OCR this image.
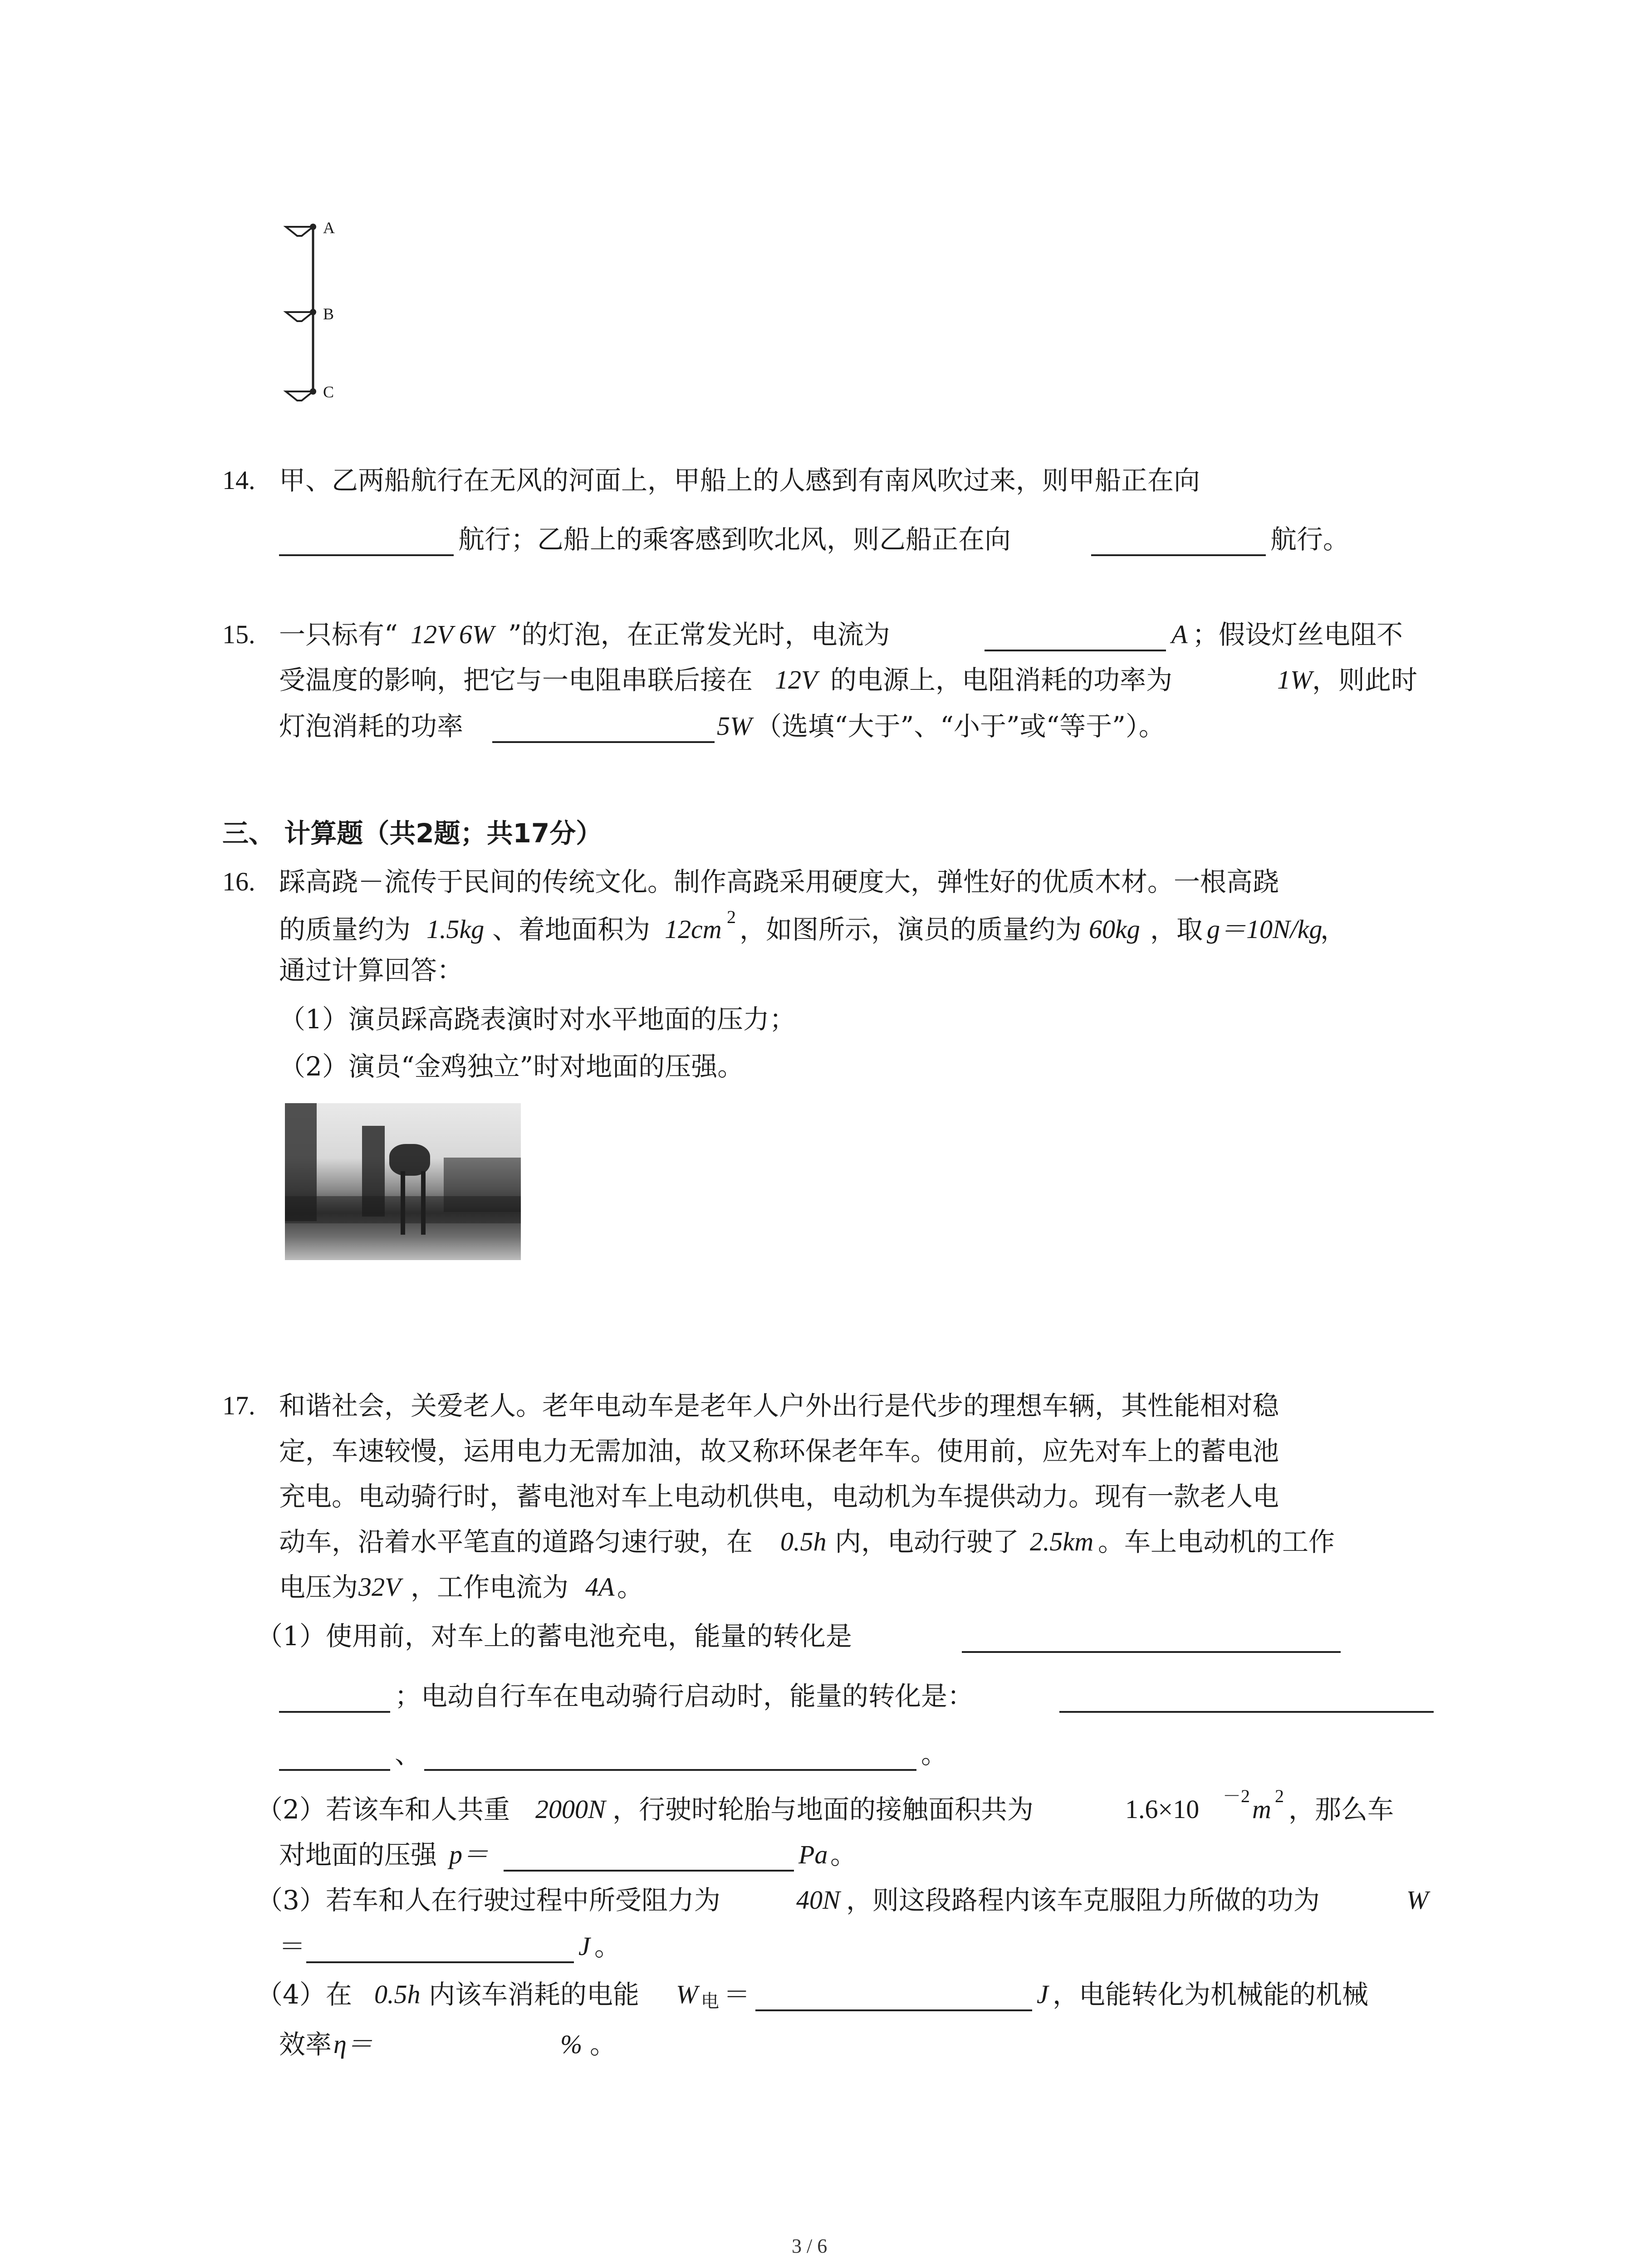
A
B
C
14. 甲、乙两船航行在无风的河面上，甲船上的人感到有南风吹过来，则甲船正在向
航行；乙船上的乘客感到吹北风，则乙船正在向	航行。
15. 一只标有“ 12V 6W ”的灯泡，在正常发光时，电流为	A ；假设灯丝电阻不
受温度的影响，把它与一电阻串联后接在 12V 的电源上，电阻消耗的功率为	1W ，则此时
灯泡消耗的功率	5W （选填“大于”、“小于”或“等于”）。
三、 计算题（共2题；共17分）
16. 踩高跷－流传于民间的传统文化。制作高跷采用硬度大，弹性好的优质木材。一根高跷
的质量约为 1.5kg 、着地面积为 12cm 2 ，如图所示，演员的质量约为 60kg ，取 g＝10N/kg
，
通过计算回答：
（1）演员踩高跷表演时对水平地面的压力；
（2）演员“金鸡独立”时对地面的压强。
17. 和谐社会，关爱老人。老年电动车是老年人户外出行是代步的理想车辆，其性能相对稳
定，车速较慢，运用电力无需加油，故又称环保老年车。使用前，应先对车上的蓄电池
充电。电动骑行时，蓄电池对车上电动机供电，电动机为车提供动力。现有一款老人电
动车，沿着水平笔直的道路匀速行驶，在 0.5h 内，电动行驶了 2.5km 。车上电动机的工作
电压为 32V ，工作电流为 4A 。
（1）使用前，对车上的蓄电池充电，能量的转化是
；电动自行车在电动骑行启动时，能量的转化是：
、	。
（2）若该车和人共重 2000N ，行驶时轮胎与地面的接触面积共为	1.6×10 －2 m 2 ，那么车
对地面的压强 p＝	Pa 。
（3）若车和人在行驶过程中所受阻力为	40N ，则这段路程内该车克服阻力所做的功为	W
＝	J 。
（4）在 0.5h 内该车消耗的电能 W 电 ＝	J ，电能转化为机械能的机械
效率 η＝	% 。
3 / 6
